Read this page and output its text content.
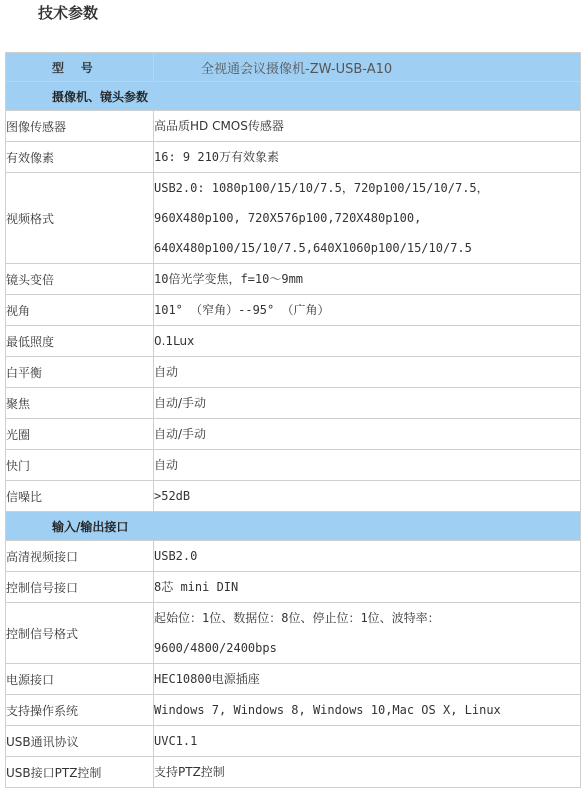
技术参数
型    号	全视通会议摄像机-ZW-USB-A10
摄像机、镜头参数	
图像传感器	高品质HD CMOS传感器

有效像素	16: 9 210万有效象素

视频格式	USB2.0: 1080p100/15/10/7.5，720p100/15/10/7.5，
960X480p100, 720X576p100,720X480p100,
640X480p100/15/10/7.5,640X1060p100/15/10/7.5

镜头变倍	10倍光学变焦，f=10～9mm

视角	101° （窄角）--95° （广角）

最低照度	0.1Lux

白平衡	自动

聚焦	自动/手动

光圈	自动/手动

快门	自动

信噪比	>52dB

输入/输出接口	
高清视频接口	USB2.0

控制信号接口	8芯 mini DIN

控制信号格式	起始位：1位、数据位：8位、停止位：1位、波特率：
9600/4800/2400bps

电源接口	HEC10800电源插座

支持操作系统	Windows 7, Windows 8, Windows 10,Mac OS X, Linux

USB通讯协议	UVC1.1

USB接口PTZ控制	支持PTZ控制
